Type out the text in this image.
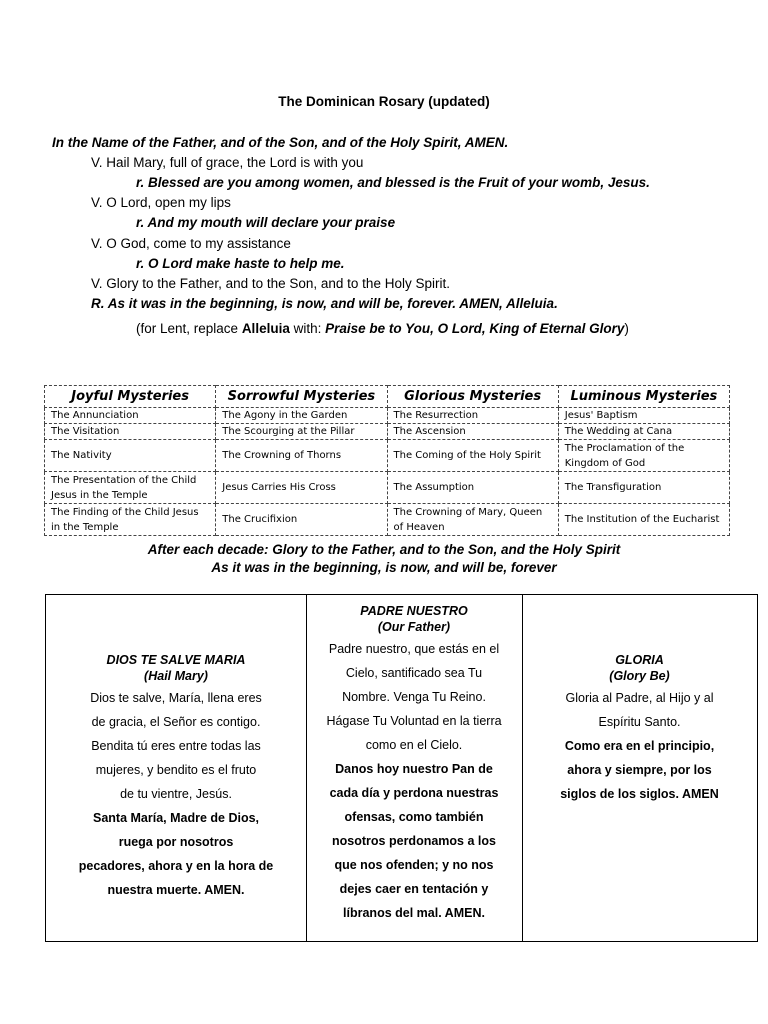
The Dominican Rosary (updated)
In the Name of the Father, and of the Son, and of the Holy Spirit, AMEN.
V. Hail Mary, full of grace, the Lord is with you
r. Blessed are you among women, and blessed is the Fruit of your womb, Jesus.
V. O Lord, open my lips
r. And my mouth will declare your praise
V. O God, come to my assistance
r. O Lord make haste to help me.
V. Glory to the Father, and to the Son, and to the Holy Spirit.
R. As it was in the beginning, is now, and will be, forever. AMEN, Alleluia.
(for Lent, replace Alleluia with: Praise be to You, O Lord, King of Eternal Glory)
Joyful Mysteries	Sorrowful Mysteries	Glorious Mysteries	Luminous Mysteries
The Annunciation	The Agony in the Garden	The Resurrection	Jesus' Baptism
The Visitation	The Scourging at the Pillar	The Ascension	The Wedding at Cana
The Nativity	The Crowning of Thorns	The Coming of the Holy Spirit	The Proclamation of the Kingdom of God
The Presentation of the Child Jesus in the Temple	Jesus Carries His Cross	The Assumption	The Transfiguration
The Finding of the Child Jesus in the Temple	The Crucifixion	The Crowning of Mary, Queen of Heaven	The Institution of the Eucharist
After each decade: Glory to the Father, and to the Son, and the Holy Spirit
As it was in the beginning, is now, and will be, forever
DIOS TE SALVE MARIA
(Hail Mary)
Dios te salve, María, llena eres
de gracia, el Señor es contigo.
Bendita tú eres entre todas las
mujeres, y bendito es el fruto
de tu vientre, Jesús.
Santa María, Madre de Dios,
ruega por nosotros
pecadores, ahora y en la hora de
nuestra muerte. AMEN.
PADRE NUESTRO
(Our Father)
Padre nuestro, que estás en el
Cielo, santificado sea Tu
Nombre. Venga Tu Reino.
Hágase Tu Voluntad en la tierra
como en el Cielo.
Danos hoy nuestro Pan de
cada día y perdona nuestras
ofensas, como también
nosotros perdonamos a los
que nos ofenden; y no nos
dejes caer en tentación y
líbranos del mal. AMEN.
GLORIA
(Glory Be)
Gloria al Padre, al Hijo y al
Espíritu Santo.
Como era en el principio,
ahora y siempre, por los
siglos de los siglos. AMEN
